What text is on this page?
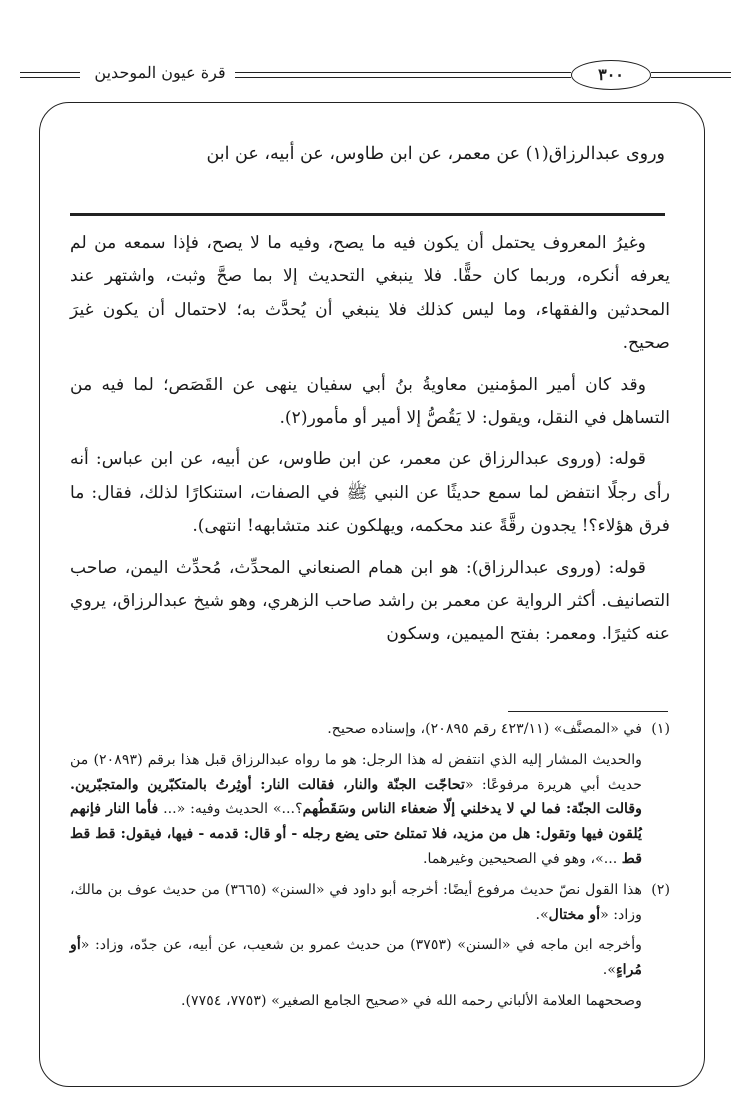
قرة عيون الموحدين	٣٠٠
وروى عبدالرزاق(١) عن معمر، عن ابن طاوس، عن أبيه، عن ابن

وغيرُ المعروف يحتمل أن يكون فيه ما يصح، وفيه ما لا يصح، فإذا سمعه من لم يعرفه أنكره، وربما كان حقًّا. فلا ينبغي التحديث إلا بما صحَّ وثبت، واشتهر عند المحدثين والفقهاء، وما ليس كذلك فلا ينبغي أن يُحدَّث به؛ لاحتمال أن يكون غيرَ صحيح.

وقد كان أمير المؤمنين معاويةُ بنُ أبي سفيان ينهى عن القَصَص؛ لما فيه من التساهل في النقل، ويقول: لا يَقُصُّ إلا أمير أو مأمور(٢).

قوله: (وروى عبدالرزاق عن معمر، عن ابن طاوس، عن أبيه، عن ابن عباس: أنه رأى رجلًا انتفض لما سمع حديثًا عن النبي ﷺ في الصفات، استنكارًا لذلك، فقال: ما فرق هؤلاء؟! يجدون رقَّةً عند محكمه، ويهلكون عند متشابهه! انتهى).

قوله: (وروى عبدالرزاق): هو ابن همام الصنعاني المحدِّث، مُحدِّث اليمن، صاحب التصانيف. أكثر الرواية عن معمر بن راشد صاحب الزهري، وهو شيخ عبدالرزاق، يروي عنه كثيرًا. ومعمر: بفتح الميمين، وسكون

(١)
في «المصنَّف» (٤٢٣/١١ رقم ٢٠٨٩٥)، وإسناده صحيح.

والحديث المشار إليه الذي انتفض له هذا الرجل: هو ما رواه عبدالرزاق قبل هذا برقم (٢٠٨٩٣) من حديث أبي هريرة مرفوعًا: «تحاجّت الجنّة والنار، فقالت النار: أوثِرتُ بالمتكبّرين والمتجبّرين. وقالت الجنّة: فما لي لا يدخلني إلّا ضعفاء الناس وسَقَطُهم؟...» الحديث وفيه: «... فأما النار فإنهم يُلقون فيها وتقول: هل من مزيد، فلا تمتلئ حتى يضع رجله - أو قال: قدمه - فيها، فيقول: قط قط قط ...»، وهو في الصحيحين وغيرهما.

(٢)
هذا القول نصّ حديث مرفوع أيضًا: أخرجه أبو داود في «السنن» (٣٦٦٥) من حديث عوف بن مالك، وزاد: «أو مختال».

وأخرجه ابن ماجه في «السنن» (٣٧٥٣) من حديث عمرو بن شعيب، عن أبيه، عن جدّه، وزاد: «أو مُراءٍ».

وصححهما العلامة الألباني رحمه الله في «صحيح الجامع الصغير» (٧٧٥٣، ٧٧٥٤).
